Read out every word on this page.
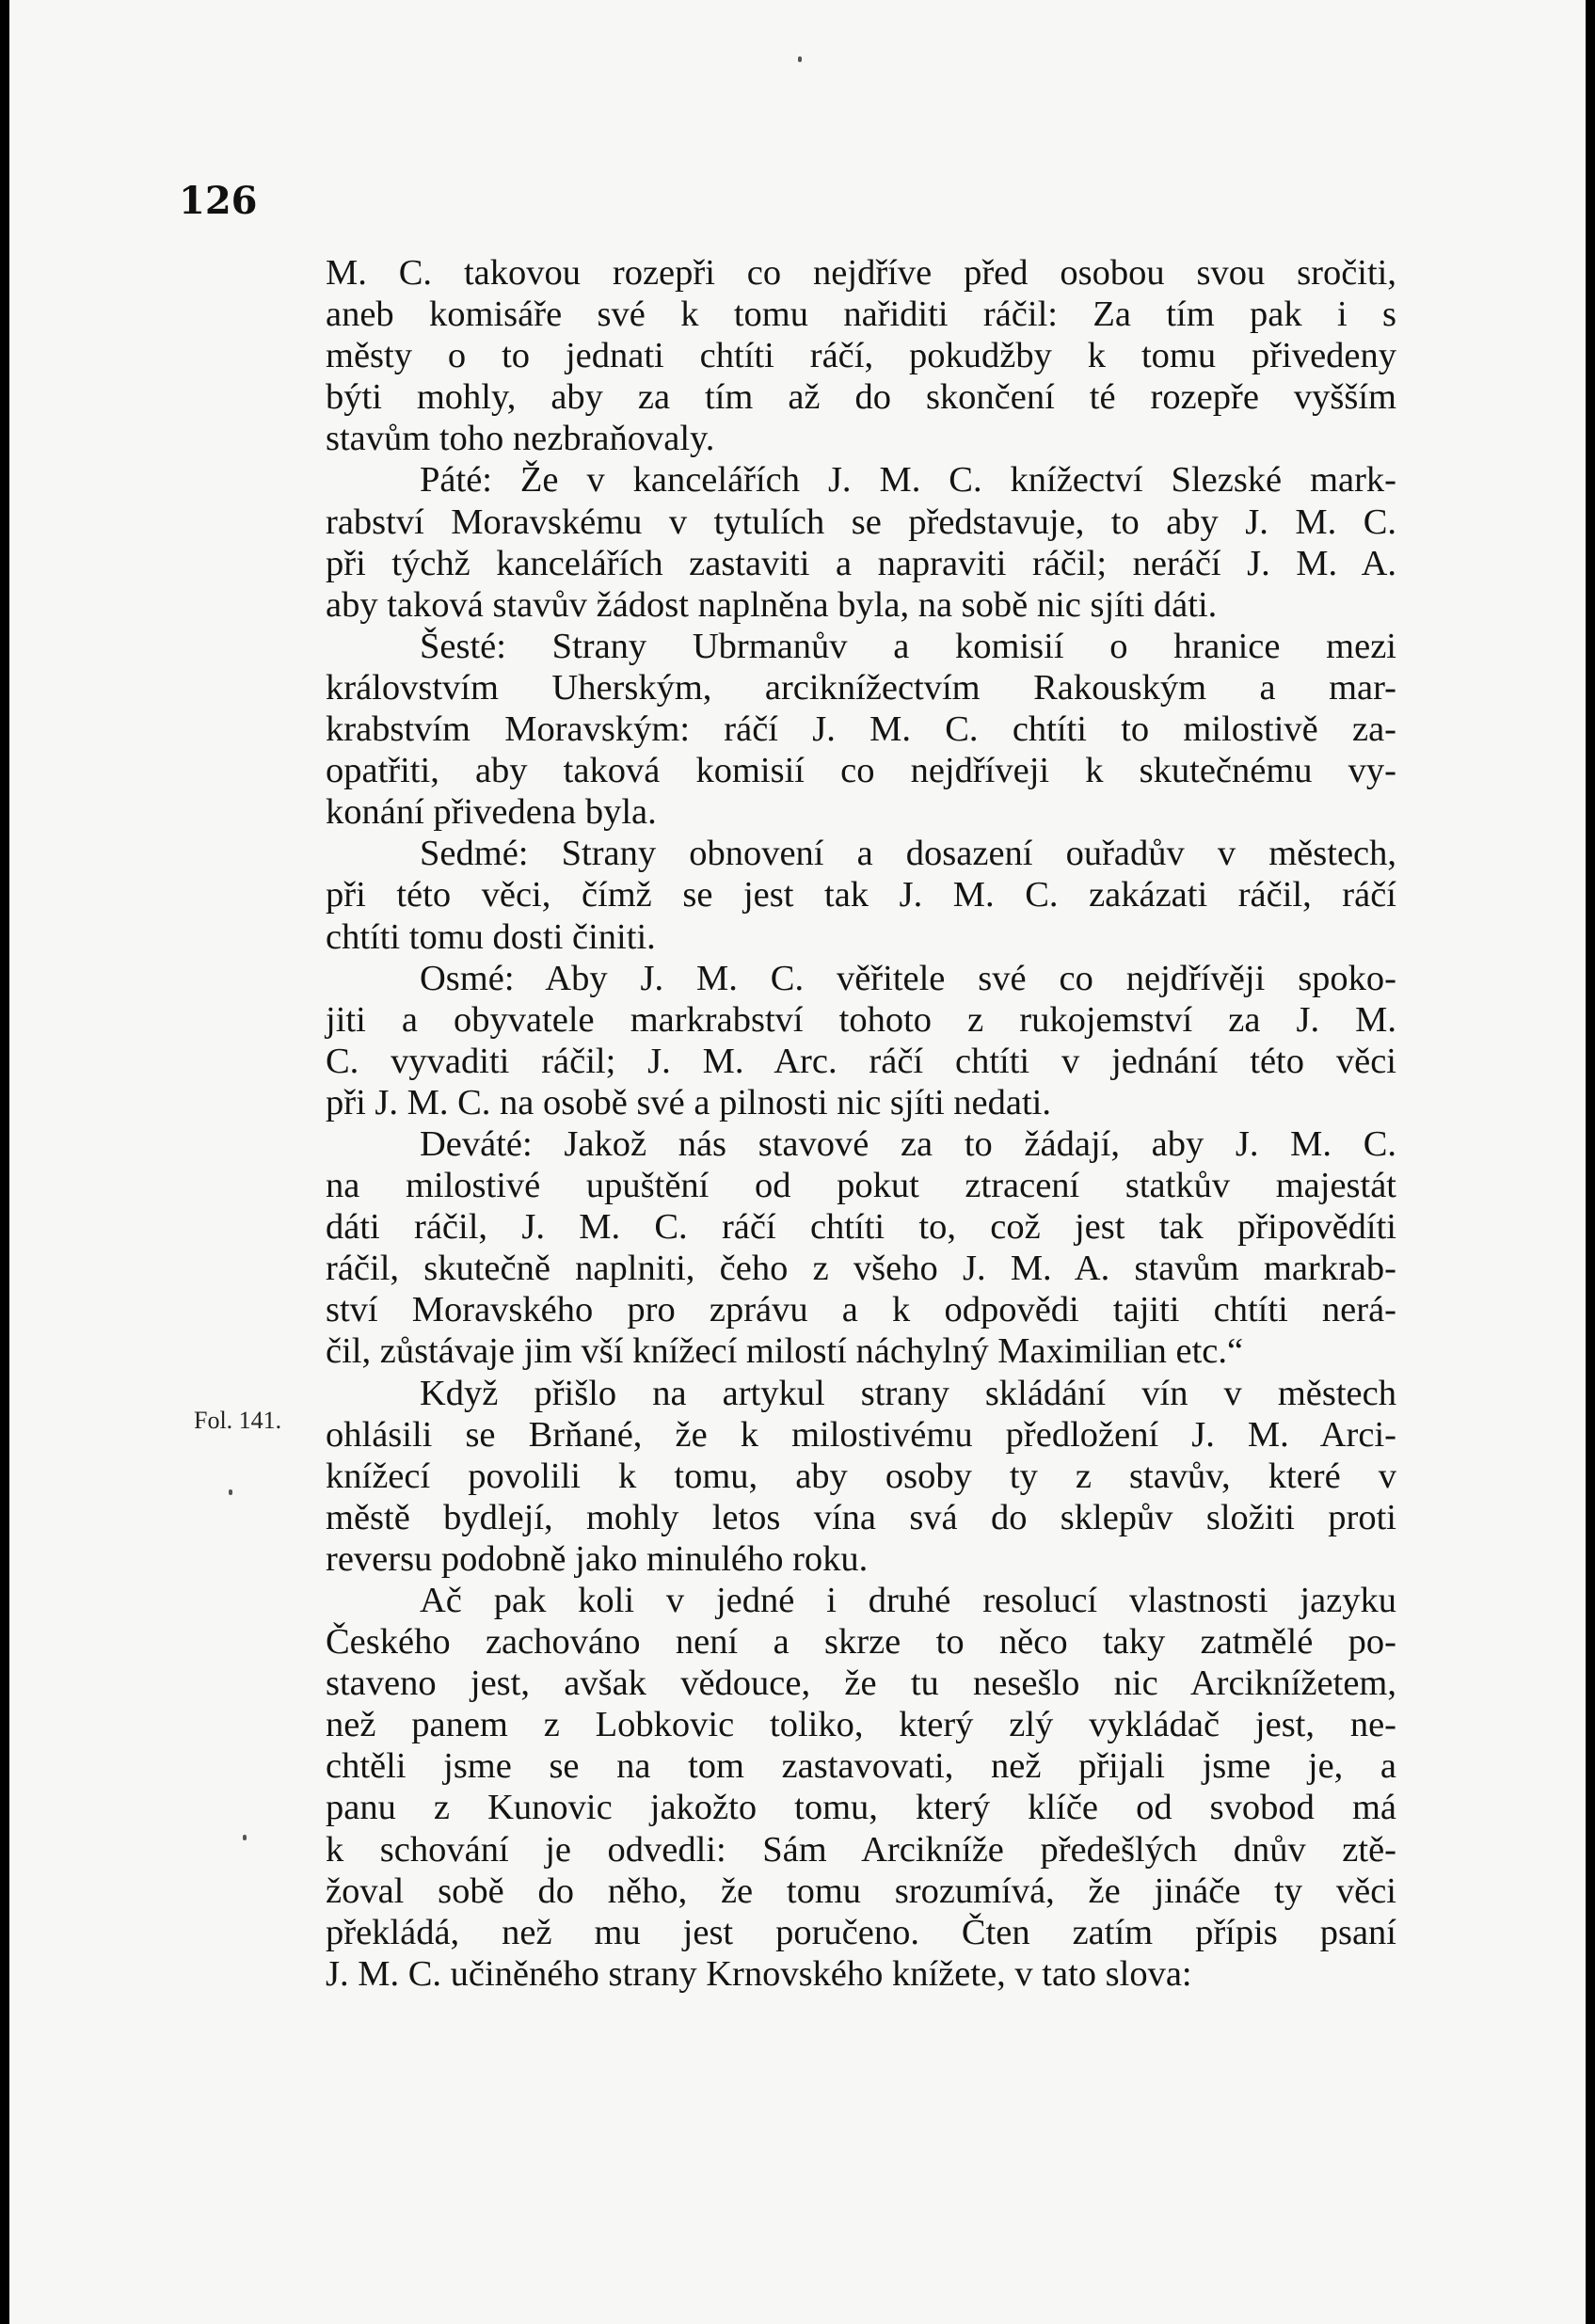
126
Fol. 141.

M. C. takovou rozepři co nejdříve před osobou svou sročiti,
aneb komisáře své k tomu nařiditi ráčil: Za tím pak i s
městy o to jednati chtíti ráčí, pokudžby k tomu přivedeny
býti mohly, aby za tím až do skončení té rozepře vyšším
stavům toho nezbraňovaly.

Páté: Že v kancelářích J. M. C. knížectví Slezské mark-
rabství Moravskému v tytulích se představuje, to aby J. M. C.
při týchž kancelářích zastaviti a napraviti ráčil; neráčí J. M. A.
aby taková stavův žádost naplněna byla, na sobě nic sjíti dáti.

Šesté: Strany Ubrmanův a komisií o hranice mezi
královstvím Uherským, arciknížectvím Rakouským a mar-
krabstvím Moravským: ráčí J. M. C. chtíti to milostivě za-
opatřiti, aby taková komisií co nejdříveji k skutečnému vy-
konání přivedena byla.

Sedmé: Strany obnovení a dosazení ouřadův v městech,
při této věci, čímž se jest tak J. M. C. zakázati ráčil, ráčí
chtíti tomu dosti činiti.

Osmé: Aby J. M. C. věřitele své co nejdřívěji spoko-
jiti a obyvatele markrabství tohoto z rukojemství za J. M.
C. vyvaditi ráčil; J. M. Arc. ráčí chtíti v jednání této věci
při J. M. C. na osobě své a pilnosti nic sjíti nedati.

Deváté: Jakož nás stavové za to žádají, aby J. M. C.
na milostivé upuštění od pokut ztracení statkův majestát
dáti ráčil, J. M. C. ráčí chtíti to, což jest tak připovědíti
ráčil, skutečně naplniti, čeho z všeho J. M. A. stavům markrab-
ství Moravského pro zprávu a k odpovědi tajiti chtíti nerá-
čil, zůstávaje jim vší knížecí milostí náchylný Maximilian etc.“

Když přišlo na artykul strany skládání vín v městech
ohlásili se Brňané, že k milostivému předložení J. M. Arci-
knížecí povolili k tomu, aby osoby ty z stavův, které v
městě bydlejí, mohly letos vína svá do sklepův složiti proti
reversu podobně jako minulého roku.

Ač pak koli v jedné i druhé resolucí vlastnosti jazyku
Českého zachováno není a skrze to něco taky zatmělé po-
staveno jest, avšak vědouce, že tu nesešlo nic Arciknížetem,
než panem z Lobkovic toliko, který zlý vykládač jest, ne-
chtěli jsme se na tom zastavovati, než přijali jsme je, a
panu z Kunovic jakožto tomu, který klíče od svobod má
k schování je odvedli: Sám Arcikníže předešlých dnův ztě-
žoval sobě do něho, že tomu srozumívá, že jináče ty věci
překládá, než mu jest poručeno. Čten zatím přípis psaní
J. M. C. učiněného strany Krnovského knížete, v tato slova:
